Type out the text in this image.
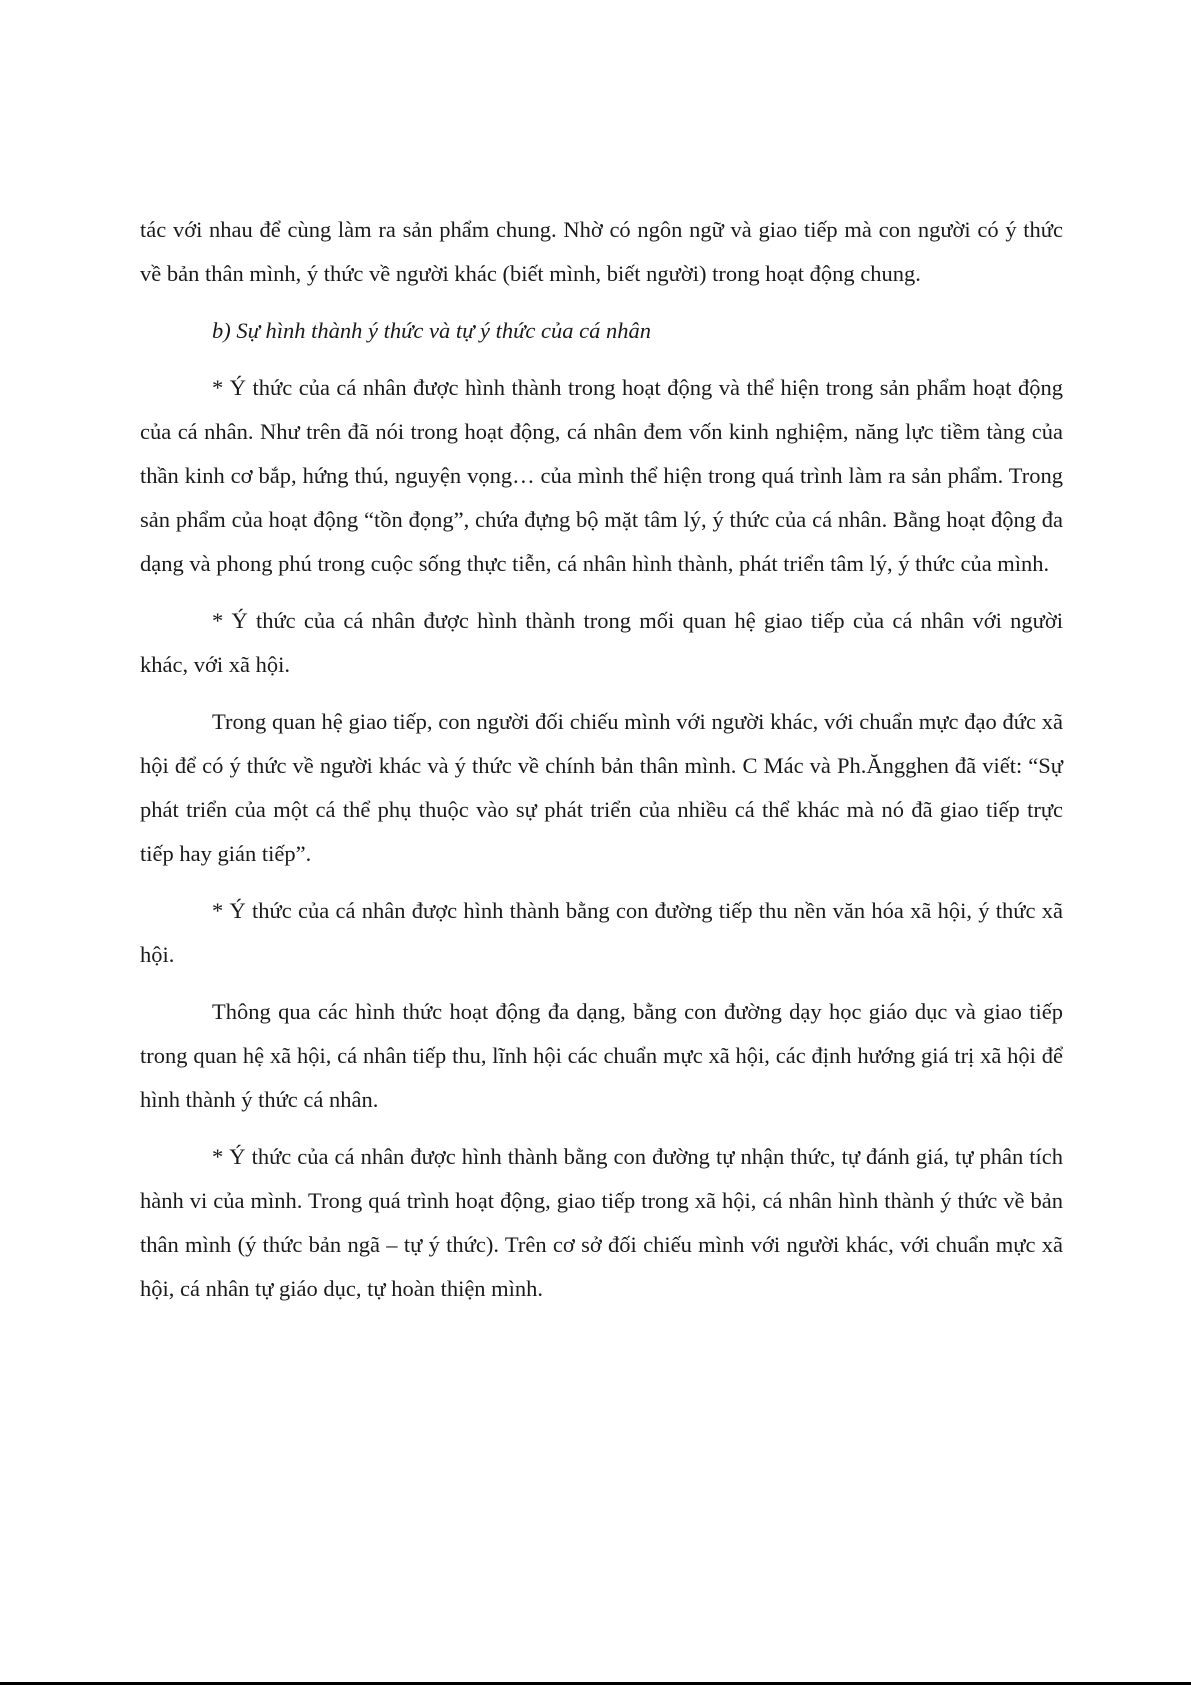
tác với nhau để cùng làm ra sản phẩm chung. Nhờ có ngôn ngữ và giao tiếp mà con người có ý thức về bản thân mình, ý thức về người khác (biết mình, biết người) trong hoạt động chung.

b) Sự hình thành ý thức và tự ý thức của cá nhân

* Ý thức của cá nhân được hình thành trong hoạt động và thể hiện trong sản phẩm hoạt động của cá nhân. Như trên đã nói trong hoạt động, cá nhân đem vốn kinh nghiệm, năng lực tiềm tàng của thần kinh cơ bắp, hứng thú, nguyện vọng… của mình thể hiện trong quá trình làm ra sản phẩm. Trong sản phẩm của hoạt động “tồn đọng”, chứa đựng bộ mặt tâm lý, ý thức của cá nhân. Bằng hoạt động đa dạng và phong phú trong cuộc sống thực tiễn, cá nhân hình thành, phát triển tâm lý, ý thức của mình.

* Ý thức của cá nhân được hình thành trong mối quan hệ giao tiếp của cá nhân với người khác, với xã hội.

Trong quan hệ giao tiếp, con người đối chiếu mình với người khác, với chuẩn mực đạo đức xã hội để có ý thức về người khác và ý thức về chính bản thân mình. C Mác và Ph.Ăngghen đã viết: “Sự phát triển của một cá thể phụ thuộc vào sự phát triển của nhiều cá thể khác mà nó đã giao tiếp trực tiếp hay gián tiếp”.

* Ý thức của cá nhân được hình thành bằng con đường tiếp thu nền văn hóa xã hội, ý thức xã hội.

Thông qua các hình thức hoạt động đa dạng, bằng con đường dạy học giáo dục và giao tiếp trong quan hệ xã hội, cá nhân tiếp thu, lĩnh hội các chuẩn mực xã hội, các định hướng giá trị xã hội để hình thành ý thức cá nhân.

* Ý thức của cá nhân được hình thành bằng con đường tự nhận thức, tự đánh giá, tự phân tích hành vi của mình. Trong quá trình hoạt động, giao tiếp trong xã hội, cá nhân hình thành ý thức về bản thân mình (ý thức bản ngã – tự ý thức). Trên cơ sở đối chiếu mình với người khác, với chuẩn mực xã hội, cá nhân tự giáo dục, tự hoàn thiện mình.
